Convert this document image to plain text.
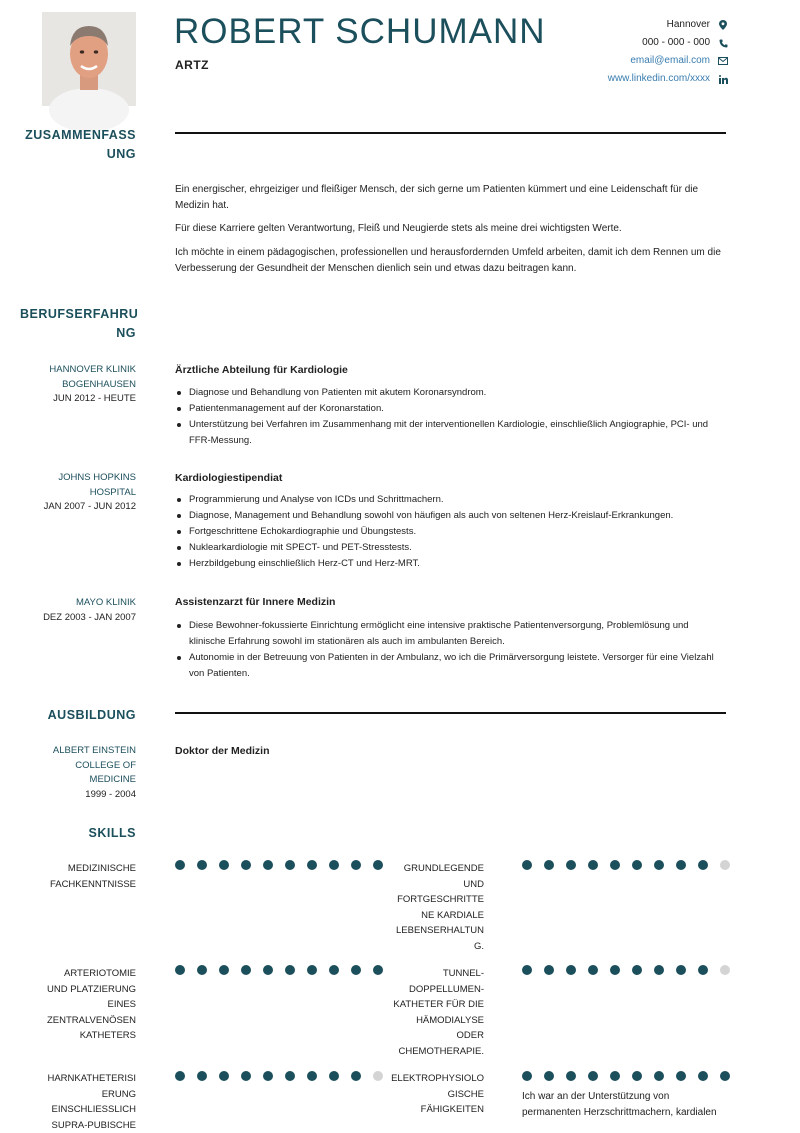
ROBERT SCHUMANN
ARTZ
Hannover
000 - 000 - 000
email@email.com
www.linkedin.com/xxxx
ZUSAMMENFASS
UNG
Ein energischer, ehrgeiziger und fleißiger Mensch, der sich gerne um Patienten kümmert und eine Leidenschaft für die Medizin hat.
Für diese Karriere gelten Verantwortung, Fleiß und Neugierde stets als meine drei wichtigsten Werte.
Ich möchte in einem pädagogischen, professionellen und herausfordernden Umfeld arbeiten, damit ich dem Rennen um die Verbesserung der Gesundheit der Menschen dienlich sein und etwas dazu beitragen kann.
BERUFSERFAHRU
NG
HANNOVER KLINIK
BOGENHAUSEN
JUN 2012 - HEUTE
Ärztliche Abteilung für Kardiologie
Diagnose und Behandlung von Patienten mit akutem Koronarsyndrom.
Patientenmanagement auf der Koronarstation.
Unterstützung bei Verfahren im Zusammenhang mit der interventionellen Kardiologie, einschließlich Angiographie, PCI- und FFR-Messung.
JOHNS HOPKINS
HOSPITAL
JAN 2007 - JUN 2012
Kardiologiestipendiat
Programmierung und Analyse von ICDs und Schrittmachern.
Diagnose, Management und Behandlung sowohl von häufigen als auch von seltenen Herz-Kreislauf-Erkrankungen.
Fortgeschrittene Echokardiographie und Übungstests.
Nuklearkardiologie mit SPECT- und PET-Stresstests.
Herzbildgebung einschließlich Herz-CT und Herz-MRT.
MAYO KLINIK
DEZ 2003 - JAN 2007
Assistenzarzt für Innere Medizin
Diese Bewohner-fokussierte Einrichtung ermöglicht eine intensive praktische Patientenversorgung, Problemlösung und klinische Erfahrung sowohl im stationären als auch im ambulanten Bereich.
Autonomie in der Betreuung von Patienten in der Ambulanz, wo ich die Primärversorgung leistete. Versorger für eine Vielzahl von Patienten.
AUSBILDUNG
ALBERT EINSTEIN
COLLEGE OF
MEDICINE
1999 - 2004
Doktor der Medizin
SKILLS
MEDIZINISCHE
FACHKENNTNISSE
GRUNDLEGENDE
UND
FORTGESCHRITTE
NE KARDIALE
LEBENSERHALTUN
G.
ARTERIOTOMIE
UND PLATZIERUNG
EINES
ZENTRALVENÖSEN
KATHETERS
TUNNEL-
DOPPELLUMEN-
KATHETER FÜR DIE
HÄMODIALYSE
ODER
CHEMOTHERAPIE.
HARNKATHETERISI
ERUNG
EINSCHLIESSLICH
SUPRA-PUBISCHE
ELEKTROPHYSIOLO
GISCHE
FÄHIGKEITEN
Ich war an der Unterstützung von
permanenten Herzschrittmachern, kardialen
